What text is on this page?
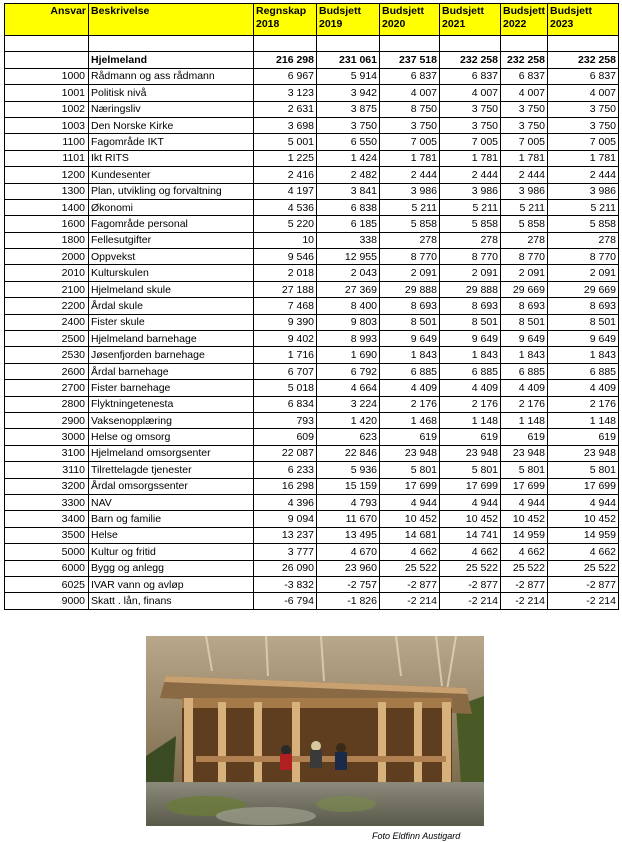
Ansvar	Beskrivelse	Regnskap 2018	Budsjett 2019	Budsjett 2020	Budsjett 2021	Budsjett 2022	Budsjett 2023

	Hjelmeland	216 298	231 061	237 518	232 258	232 258	232 258
1000	Rådmann og ass rådmann	6 967	5 914	6 837	6 837	6 837	6 837
1001	Politisk nivå	3 123	3 942	4 007	4 007	4 007	4 007
1002	Næringsliv	2 631	3 875	8 750	3 750	3 750	3 750
1003	Den Norske Kirke	3 698	3 750	3 750	3 750	3 750	3 750
1100	Fagområde IKT	5 001	6 550	7 005	7 005	7 005	7 005
1101	Ikt RITS	1 225	1 424	1 781	1 781	1 781	1 781
1200	Kundesenter	2 416	2 482	2 444	2 444	2 444	2 444
1300	Plan, utvikling og forvaltning	4 197	3 841	3 986	3 986	3 986	3 986
1400	Økonomi	4 536	6 838	5 211	5 211	5 211	5 211
1600	Fagområde personal	5 220	6 185	5 858	5 858	5 858	5 858
1800	Fellesutgifter	10	338	278	278	278	278
2000	Oppvekst	9 546	12 955	8 770	8 770	8 770	8 770
2010	Kulturskulen	2 018	2 043	2 091	2 091	2 091	2 091
2100	Hjelmeland skule	27 188	27 369	29 888	29 888	29 669	29 669
2200	Årdal skule	7 468	8 400	8 693	8 693	8 693	8 693
2400	Fister skule	9 390	9 803	8 501	8 501	8 501	8 501
2500	Hjelmeland barnehage	9 402	8 993	9 649	9 649	9 649	9 649
2530	Jøsenfjorden barnehage	1 716	1 690	1 843	1 843	1 843	1 843
2600	Årdal barnehage	6 707	6 792	6 885	6 885	6 885	6 885
2700	Fister barnehage	5 018	4 664	4 409	4 409	4 409	4 409
2800	Flyktningetenesta	6 834	3 224	2 176	2 176	2 176	2 176
2900	Vaksenopplæring	793	1 420	1 468	1 148	1 148	1 148
3000	Helse og omsorg	609	623	619	619	619	619
3100	Hjelmeland omsorgsenter	22 087	22 846	23 948	23 948	23 948	23 948
3110	Tilrettelagde tjenester	6 233	5 936	5 801	5 801	5 801	5 801
3200	Årdal omsorgssenter	16 298	15 159	17 699	17 699	17 699	17 699
3300	NAV	4 396	4 793	4 944	4 944	4 944	4 944
3400	Barn og familie	9 094	11 670	10 452	10 452	10 452	10 452
3500	Helse	13 237	13 495	14 681	14 741	14 959	14 959
5000	Kultur og fritid	3 777	4 670	4 662	4 662	4 662	4 662
6000	Bygg og anlegg	26 090	23 960	25 522	25 522	25 522	25 522
6025	IVAR vann og avløp	-3 832	-2 757	-2 877	-2 877	-2 877	-2 877
9000	Skatt . lån, finans	-6 794	-1 826	-2 214	-2 214	-2 214	-2 214
Foto Eldfinn Austigard
